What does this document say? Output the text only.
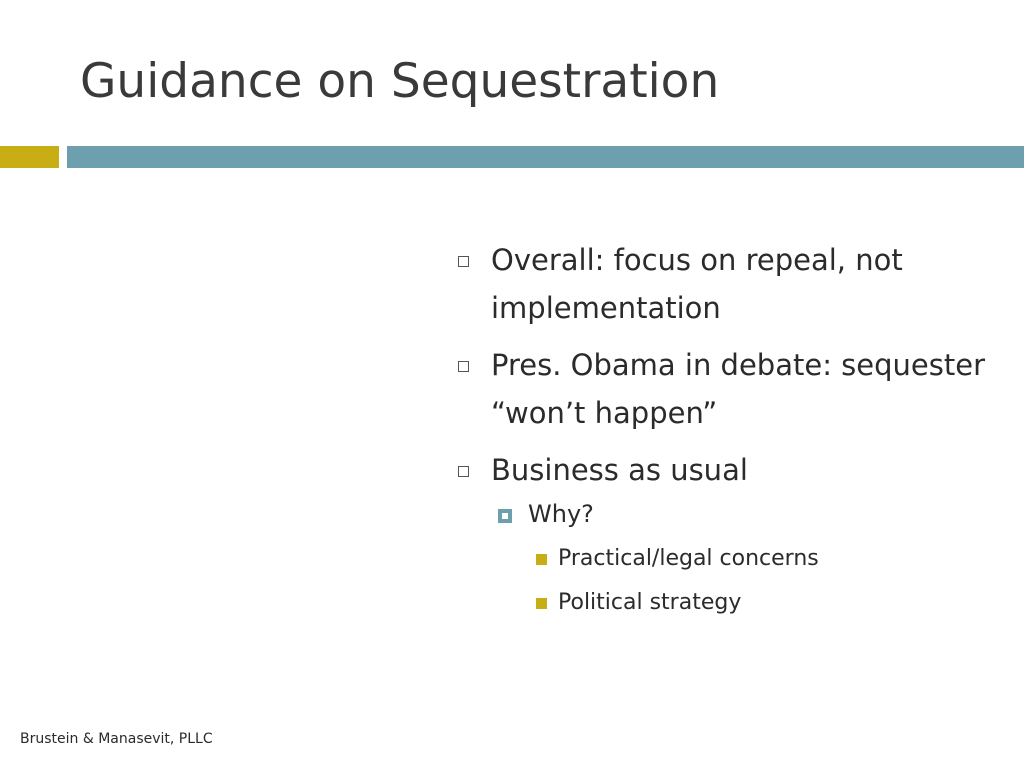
Guidance on Sequestration
Overall: focus on repeal, not implementation
Pres. Obama in debate: sequester “won’t happen”
Business as usual
Why?
Practical/legal concerns
Political strategy
Brustein & Manasevit, PLLC
